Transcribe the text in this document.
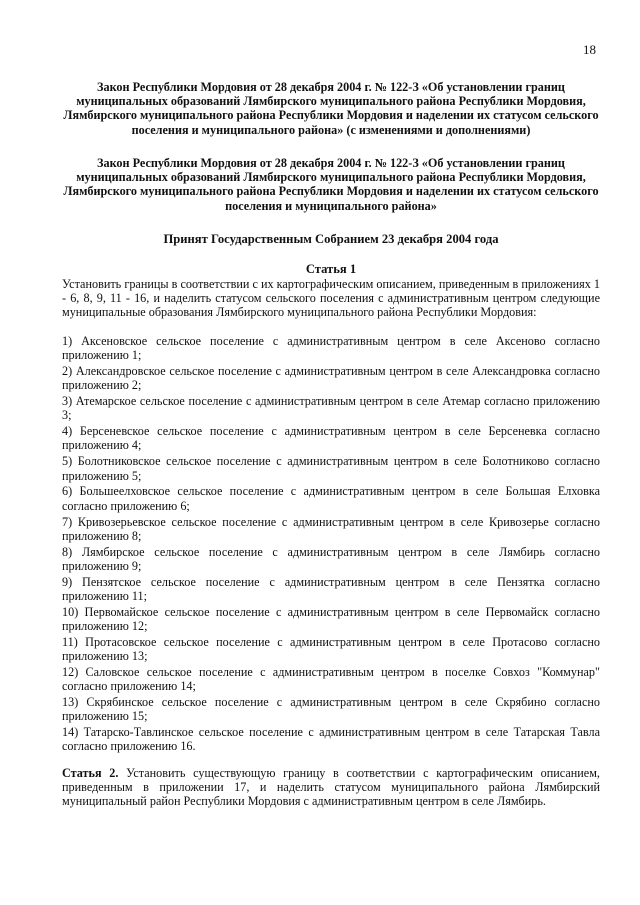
18
Закон Республики Мордовия от 28 декабря 2004 г. № 122-З «Об установлении границ муниципальных образований Лямбирского муниципального района Республики Мордовия, Лямбирского муниципального района Республики Мордовия и наделении их статусом сельского поселения и муниципального района» (с изменениями и дополнениями)
Закон Республики Мордовия от 28 декабря 2004 г. № 122-З «Об установлении границ муниципальных образований Лямбирского муниципального района Республики Мордовия, Лямбирского муниципального района Республики Мордовия и наделении их статусом сельского поселения и муниципального района»
Принят Государственным Собранием 23 декабря 2004 года
Статья 1
Установить границы в соответствии с их картографическим описанием, приведенным в приложениях 1 - 6, 8, 9, 11 - 16, и наделить статусом сельского поселения с административным центром следующие муниципальные образования Лямбирского муниципального района Республики Мордовия:
1) Аксеновское сельское поселение с административным центром в селе Аксеново согласно приложению 1;
2) Александровское сельское поселение с административным центром в селе Александровка согласно приложению 2;
3) Атемарское сельское поселение с административным центром в селе Атемар согласно приложению 3;
4) Берсеневское сельское поселение с административным центром в селе Берсеневка согласно приложению 4;
5) Болотниковское сельское поселение с административным центром в селе Болотниково согласно приложению 5;
6) Большеелховское сельское поселение с административным центром в селе Большая Елховка согласно приложению 6;
7) Кривозерьевское сельское поселение с административным центром в селе Кривозерье согласно приложению 8;
8) Лямбирское сельское поселение с административным центром в селе Лямбирь согласно приложению 9;
9) Пензятское сельское поселение с административным центром в селе Пензятка согласно приложению 11;
10) Первомайское сельское поселение с административным центром в селе Первомайск согласно приложению 12;
11) Протасовское сельское поселение с административным центром в селе Протасово согласно приложению 13;
12) Саловское сельское поселение с административным центром в поселке Совхоз "Коммунар" согласно приложению 14;
13) Скрябинское сельское поселение с административным центром в селе Скрябино согласно приложению 15;
14) Татарско-Тавлинское сельское поселение с административным центром в селе Татарская Тавла согласно приложению 16.
Статья 2. Установить существующую границу в соответствии с картографическим описанием, приведенным в приложении 17, и наделить статусом муниципального района Лямбирский муниципальный район Республики Мордовия с административным центром в селе Лямбирь.
